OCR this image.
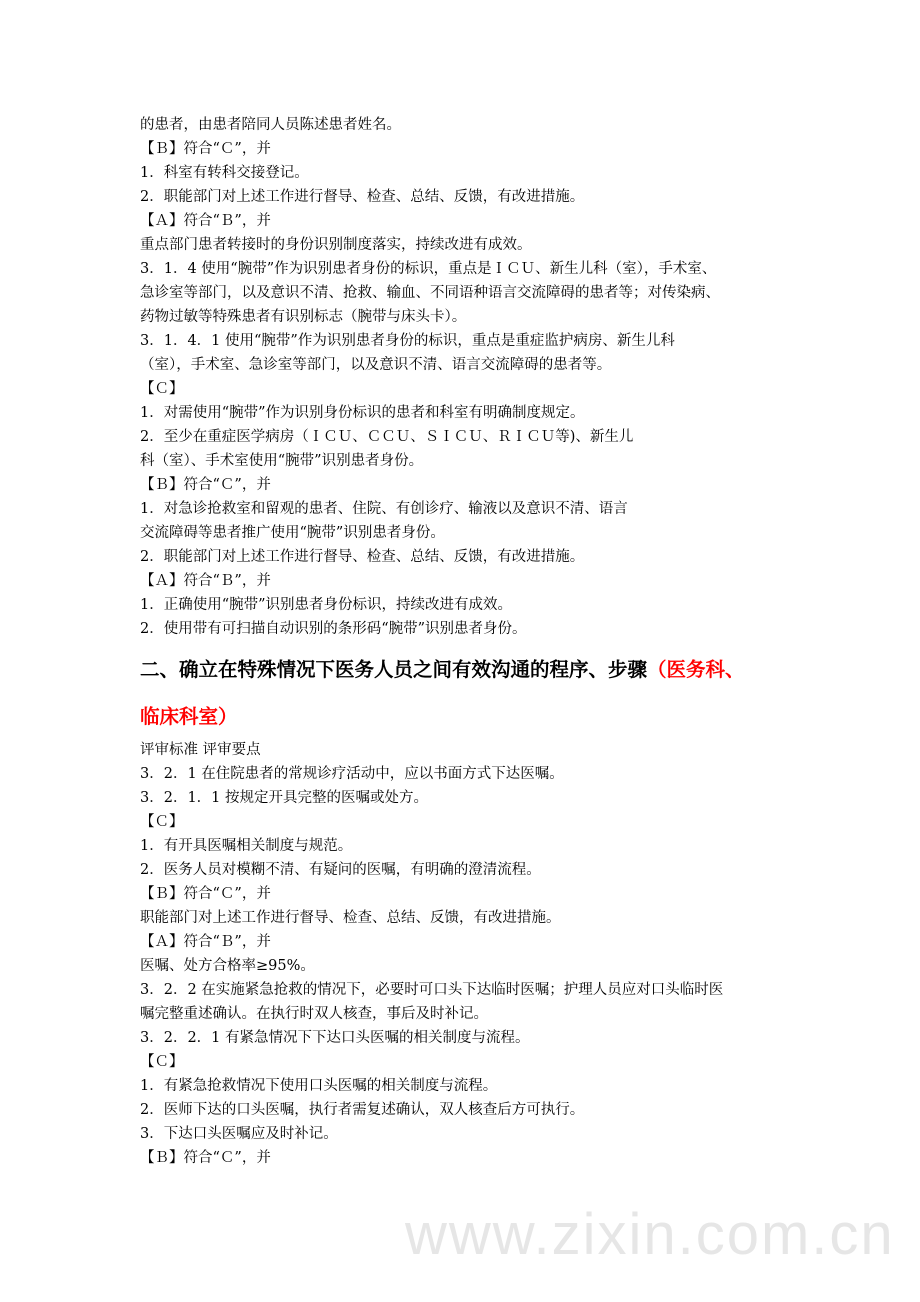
的患者，由患者陪同人员陈述患者姓名。
【Ｂ】符合“Ｃ”，并
1．科室有转科交接登记。
2．职能部门对上述工作进行督导、检查、总结、反馈，有改进措施。
【Ａ】符合“Ｂ”，并
重点部门患者转接时的身份识别制度落实，持续改进有成效。
3．1．4 使用“腕带”作为识别患者身份的标识，重点是ＩＣＵ、新生儿科（室），手术室、
急诊室等部门，以及意识不清、抢救、输血、不同语种语言交流障碍的患者等；对传染病、
药物过敏等特殊患者有识别标志（腕带与床头卡）。
3．1．4．1 使用“腕带”作为识别患者身份的标识，重点是重症监护病房、新生儿科
（室），手术室、急诊室等部门，以及意识不清、语言交流障碍的患者等。
【Ｃ】
1．对需使用“腕带”作为识别身份标识的患者和科室有明确制度规定。
2．至少在重症医学病房（ＩＣＵ、ＣＣＵ、ＳＩＣＵ、ＲＩＣＵ等)、新生儿
科（室）、手术室使用“腕带”识别患者身份。
【Ｂ】符合“Ｃ”，并
1．对急诊抢救室和留观的患者、住院、有创诊疗、输液以及意识不清、语言
交流障碍等患者推广使用“腕带”识别患者身份。
2．职能部门对上述工作进行督导、检查、总结、反馈，有改进措施。
【Ａ】符合“Ｂ”，并
1．正确使用“腕带”识别患者身份标识，持续改进有成效。
2．使用带有可扫描自动识别的条形码“腕带”识别患者身份。
二、确立在特殊情况下医务人员之间有效沟通的程序、步骤（医务科、
临床科室）
评审标准 评审要点
3．2．1 在住院患者的常规诊疗活动中，应以书面方式下达医嘱。
3．2．1．1 按规定开具完整的医嘱或处方。
【Ｃ】
1．有开具医嘱相关制度与规范。
2．医务人员对模糊不清、有疑问的医嘱，有明确的澄清流程。
【Ｂ】符合“Ｃ”，并
职能部门对上述工作进行督导、检查、总结、反馈，有改进措施。
【Ａ】符合“Ｂ”，并
医嘱、处方合格率≥95%。
3．2．2 在实施紧急抢救的情况下，必要时可口头下达临时医嘱；护理人员应对口头临时医
嘱完整重述确认。在执行时双人核查，事后及时补记。
3．2．2．1 有紧急情况下下达口头医嘱的相关制度与流程。
【Ｃ】
1．有紧急抢救情况下使用口头医嘱的相关制度与流程。
2．医师下达的口头医嘱，执行者需复述确认，双人核查后方可执行。
3．下达口头医嘱应及时补记。
【Ｂ】符合“Ｃ”，并
www.zixin.com.cn
